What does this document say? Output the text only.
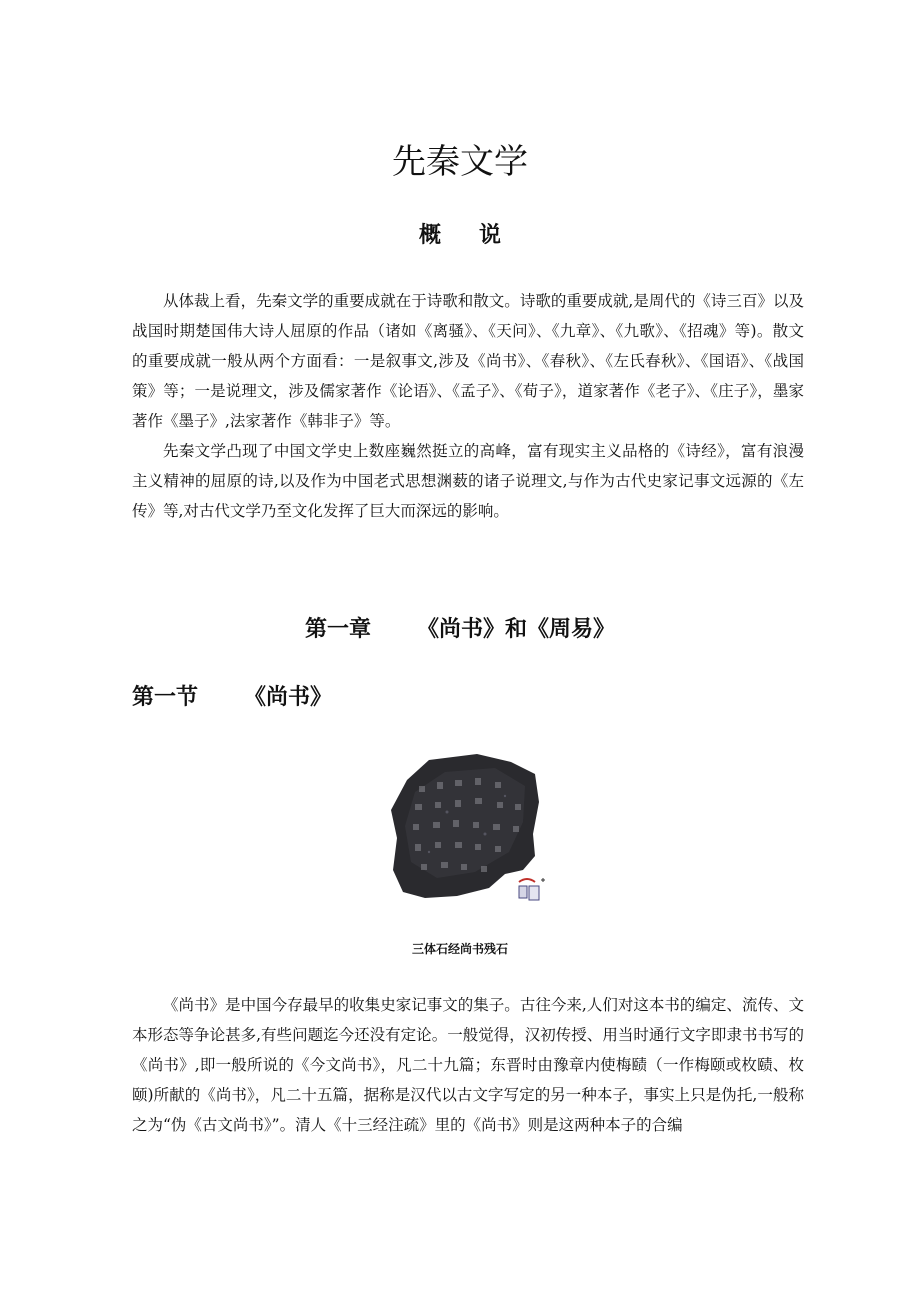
先秦文学
概 说

从体裁上看，先秦文学的重要成就在于诗歌和散文。诗歌的重要成就,是周代的《诗三百》以及战国时期楚国伟大诗人屈原的作品（诸如《离骚》、《天问》、《九章》、《九歌》、《招魂》等)。散文的重要成就一般从两个方面看：一是叙事文,涉及《尚书》、《春秋》、《左氏春秋》、《国语》、《战国策》等；一是说理文，涉及儒家著作《论语》、《孟子》、《荀子》，道家著作《老子》、《庄子》，墨家著作《墨子》,法家著作《韩非子》等。

先秦文学凸现了中国文学史上数座巍然挺立的高峰，富有现实主义品格的《诗经》，富有浪漫主义精神的屈原的诗,以及作为中国老式思想渊薮的诸子说理文,与作为古代史家记事文远源的《左传》等,对古代文学乃至文化发挥了巨大而深远的影响。

第一章      《尚书》和《周易》
第一节      《尚书》

三体石经尚书残石

《尚书》是中国今存最早的收集史家记事文的集子。古往今来,人们对这本书的编定、流传、文本形态等争论甚多,有些问题迄今还没有定论。一般觉得，汉初传授、用当时通行文字即隶书书写的《尚书》,即一般所说的《今文尚书》，凡二十九篇；东晋时由豫章内使梅赜（一作梅颐或枚赜、枚颐)所献的《尚书》，凡二十五篇，据称是汉代以古文字写定的另一种本子，事实上只是伪托,一般称之为“伪《古文尚书》”。清人《十三经注疏》里的《尚书》则是这两种本子的合编
